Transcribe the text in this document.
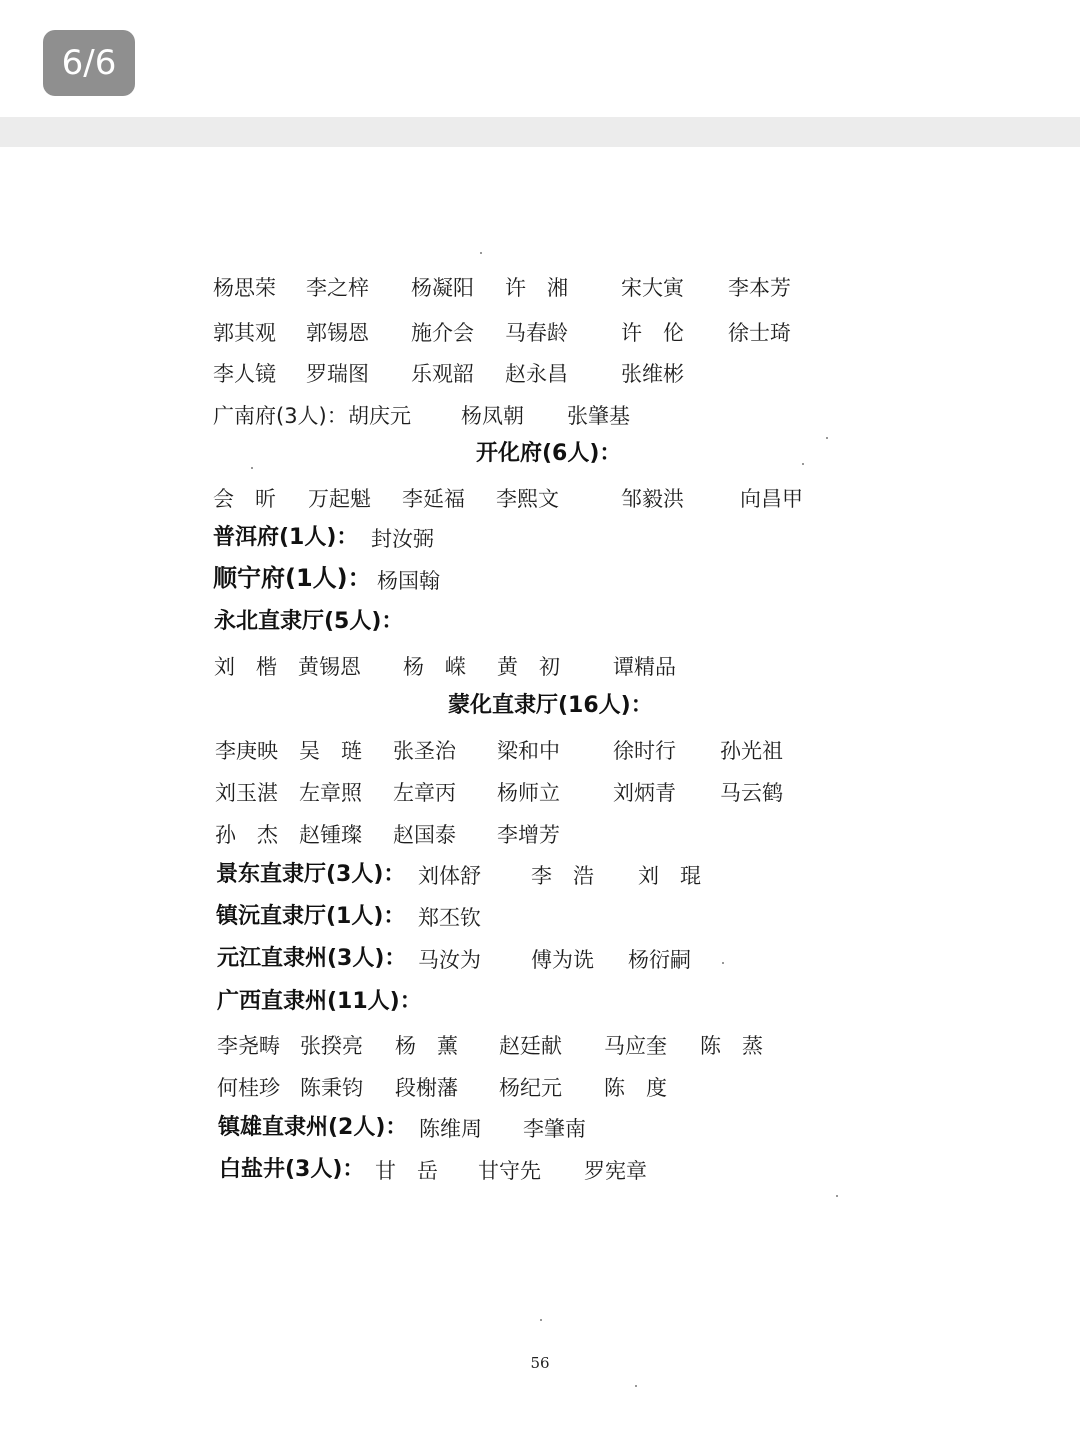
6/6
杨思荣 李之梓 杨凝阳 许　湘	宋大寅 李本芳
郭其观 郭锡恩 施介会 马春龄	许　伦 徐士琦
李人镜 罗瑞图 乐观韶 赵永昌	张维彬
广南府(3人)： 胡庆元 杨凤朝 张肇基
开化府(6人)：
会　昕 万起魁 李延福 李熙文	邹毅洪	向昌甲
普洱府(1人)： 封汝弼
顺宁府(1人)： 杨国翰
永北直隶厅(5人)：
刘　楷 黄锡恩 杨　嵘 黄　初	谭精品
蒙化直隶厅(16人)：
李庚映 吴　琏 张圣治 梁和中	徐时行 孙光祖
刘玉湛 左章照 左章丙 杨师立	刘炳青 马云鹤
孙　杰 赵锺璨 赵国泰 李增芳
景东直隶厅(3人)： 刘体舒 李　浩 刘　琨
镇沅直隶厅(1人)： 郑丕钦
元江直隶州(3人)： 马汝为 傅为诜 杨衍嗣
广西直隶州(11人)：
李尧畴 张揆亮 杨　薰 赵廷献 马应奎 陈　蒸
何桂珍 陈秉钧 段榭藩 杨纪元 陈　度
镇雄直隶州(2人)： 陈维周 李肇南
白盐井(3人)： 甘　岳 甘守先 罗宪章
56
